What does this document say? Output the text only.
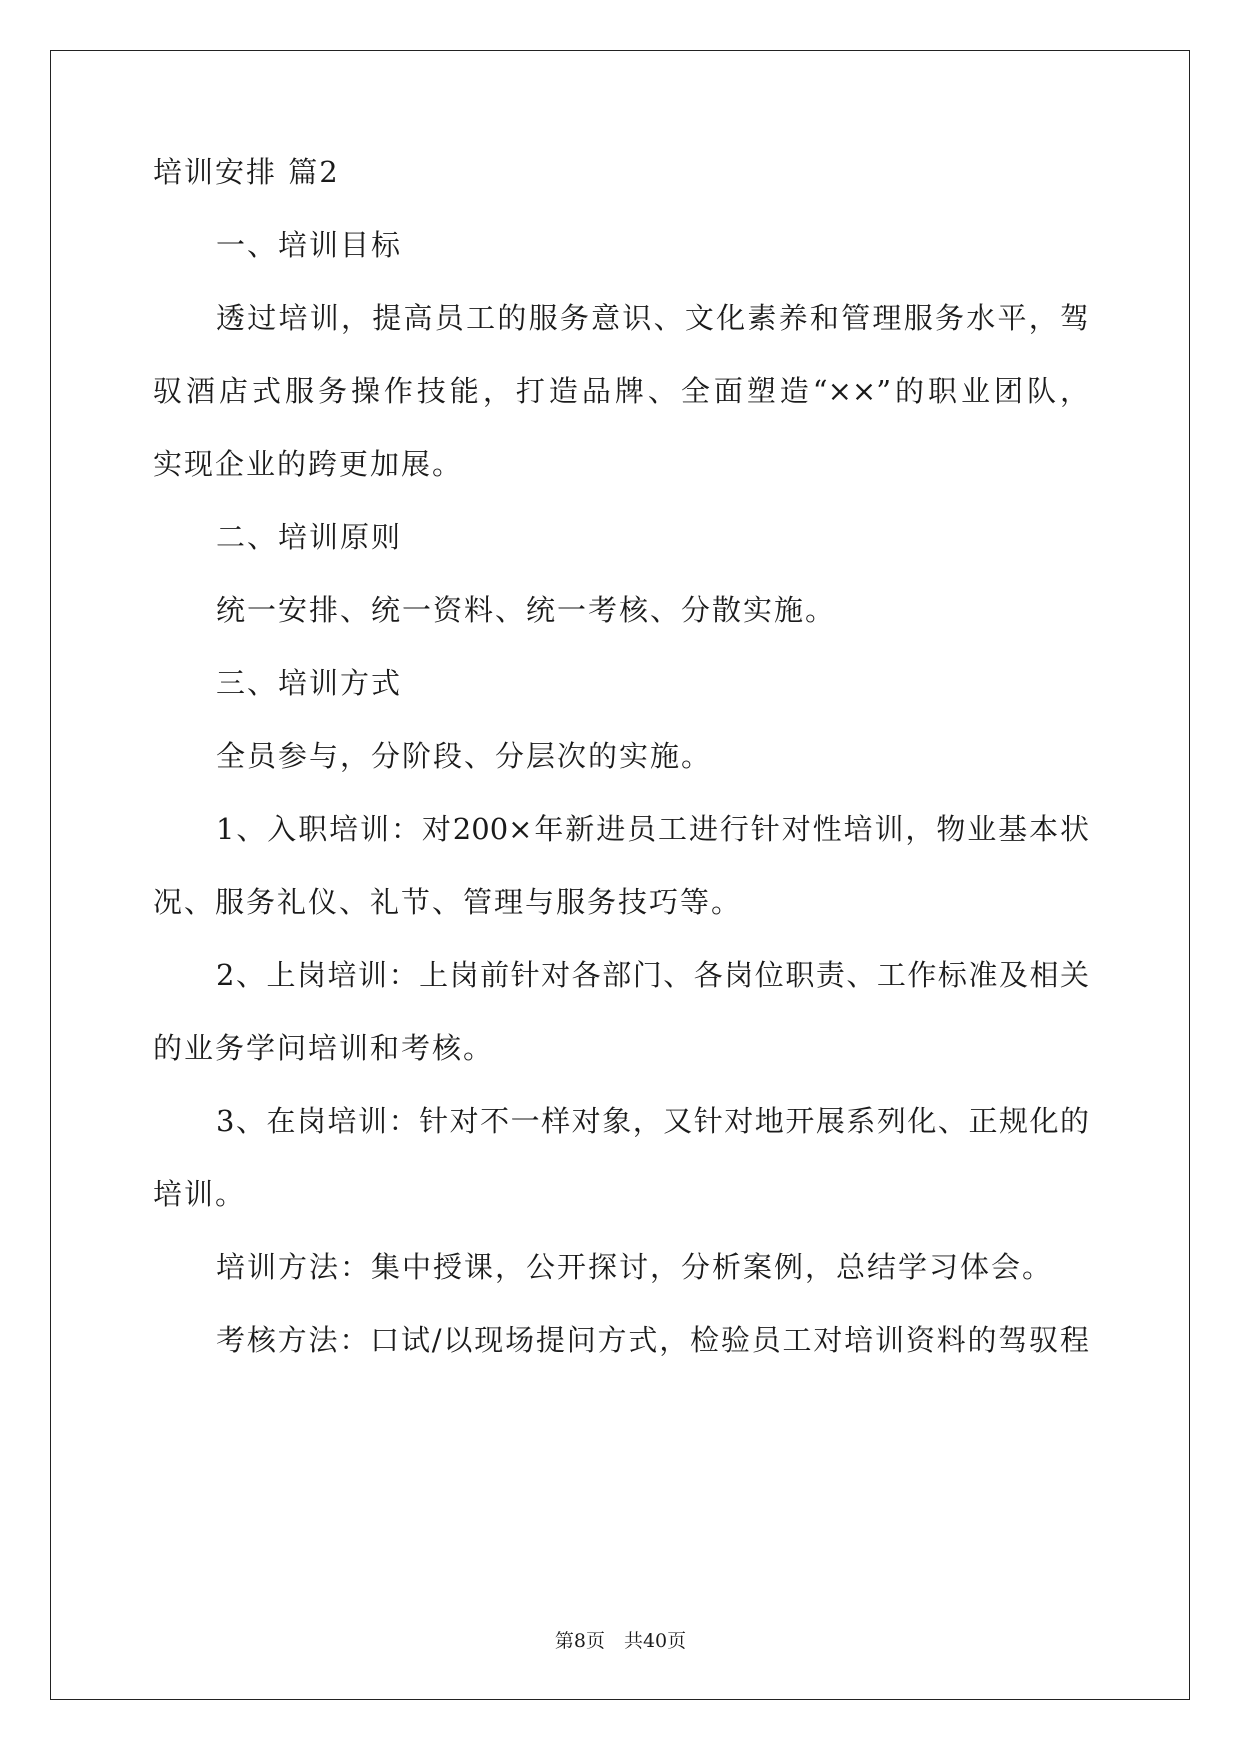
培训安排 篇2
一、培训目标
透过培训，提高员工的服务意识、文化素养和管理服务水平，驾
驭酒店式服务操作技能，打造品牌、全面塑造“××”的职业团队，
实现企业的跨更加展。
二、培训原则
统一安排、统一资料、统一考核、分散实施。
三、培训方式
全员参与，分阶段、分层次的实施。
1、入职培训：对200×年新进员工进行针对性培训，物业基本状
况、服务礼仪、礼节、管理与服务技巧等。
2、上岗培训：上岗前针对各部门、各岗位职责、工作标准及相关
的业务学问培训和考核。
3、在岗培训：针对不一样对象，又针对地开展系列化、正规化的
培训。
培训方法：集中授课，公开探讨，分析案例，总结学习体会。
考核方法：口试/以现场提问方式，检验员工对培训资料的驾驭程
第8页　共40页
